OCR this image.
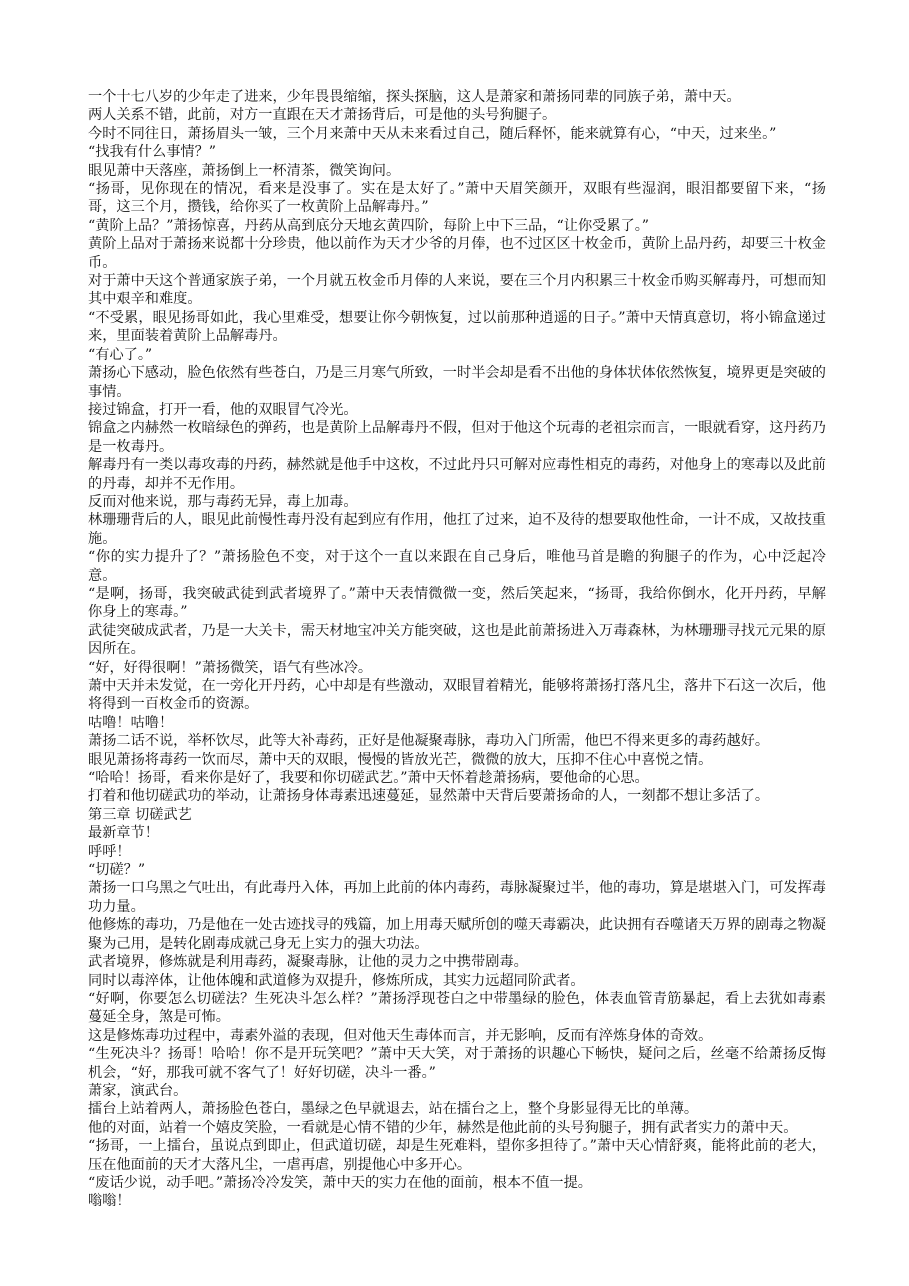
一个十七八岁的少年走了进来，少年畏畏缩缩，探头探脑，这人是萧家和萧扬同辈的同族子弟，萧中天。

两人关系不错，此前，对方一直跟在天才萧扬背后，可是他的头号狗腿子。

今时不同往日，萧扬眉头一皱，三个月来萧中天从未来看过自己，随后释怀，能来就算有心，“中天，过来坐。”

“找我有什么事情？”

眼见萧中天落座，萧扬倒上一杯清茶，微笑询问。

“扬哥，见你现在的情况，看来是没事了。实在是太好了。”萧中天眉笑颜开，双眼有些湿润，眼泪都要留下来，“扬哥，这三个月，攒钱，给你买了一枚黄阶上品解毒丹。”

“黄阶上品？”萧扬惊喜，丹药从高到底分天地玄黄四阶，每阶上中下三品，“让你受累了。”

黄阶上品对于萧扬来说都十分珍贵，他以前作为天才少爷的月俸，也不过区区十枚金币，黄阶上品丹药，却要三十枚金币。

对于萧中天这个普通家族子弟，一个月就五枚金币月俸的人来说，要在三个月内积累三十枚金币购买解毒丹，可想而知其中艰辛和难度。

“不受累，眼见扬哥如此，我心里难受，想要让你今朝恢复，过以前那种逍遥的日子。”萧中天情真意切，将小锦盒递过来，里面装着黄阶上品解毒丹。

“有心了。”

萧扬心下感动，脸色依然有些苍白，乃是三月寒气所致，一时半会却是看不出他的身体状体依然恢复，境界更是突破的事情。

接过锦盒，打开一看，他的双眼冒气冷光。

锦盒之内赫然一枚暗绿色的弹药，也是黄阶上品解毒丹不假，但对于他这个玩毒的老祖宗而言，一眼就看穿，这丹药乃是一枚毒丹。

解毒丹有一类以毒攻毒的丹药，赫然就是他手中这枚，不过此丹只可解对应毒性相克的毒药，对他身上的寒毒以及此前的丹毒，却并不无作用。

反而对他来说，那与毒药无异，毒上加毒。

林珊珊背后的人，眼见此前慢性毒丹没有起到应有作用，他扛了过来，迫不及待的想要取他性命，一计不成，又故技重施。

“你的实力提升了？”萧扬脸色不变，对于这个一直以来跟在自己身后，唯他马首是瞻的狗腿子的作为，心中泛起冷意。

“是啊，扬哥，我突破武徒到武者境界了。”萧中天表情微微一变，然后笑起来，“扬哥，我给你倒水，化开丹药，早解你身上的寒毒。”

武徒突破成武者，乃是一大关卡，需天材地宝冲关方能突破，这也是此前萧扬进入万毒森林，为林珊珊寻找元元果的原因所在。

“好，好得很啊！”萧扬微笑，语气有些冰冷。

萧中天并未发觉，在一旁化开丹药，心中却是有些激动，双眼冒着精光，能够将萧扬打落凡尘，落井下石这一次后，他将得到一百枚金币的资源。

咕噜！咕噜！

萧扬二话不说，举杯饮尽，此等大补毒药，正好是他凝聚毒脉，毒功入门所需，他巴不得来更多的毒药越好。

眼见萧扬将毒药一饮而尽，萧中天的双眼，慢慢的皆放光芒，微微的放大，压抑不住心中喜悦之情。

“哈哈！扬哥，看来你是好了，我要和你切磋武艺。”萧中天怀着趁萧扬病，要他命的心思。

打着和他切磋武功的举动，让萧扬身体毒素迅速蔓延，显然萧中天背后要萧扬命的人，一刻都不想让多活了。

第三章 切磋武艺

最新章节！

呼呼！

“切磋？”

萧扬一口乌黑之气吐出，有此毒丹入体，再加上此前的体内毒药，毒脉凝聚过半，他的毒功，算是堪堪入门，可发挥毒功力量。

他修炼的毒功，乃是他在一处古迹找寻的残篇，加上用毒天赋所创的噬天毒霸决，此诀拥有吞噬诸天万界的剧毒之物凝聚为己用，是转化剧毒成就己身无上实力的强大功法。

武者境界，修炼就是利用毒药，凝聚毒脉，让他的灵力之中携带剧毒。

同时以毒淬体，让他体魄和武道修为双提升，修炼所成，其实力远超同阶武者。

“好啊，你要怎么切磋法？生死决斗怎么样？”萧扬浮现苍白之中带墨绿的脸色，体表血管青筋暴起，看上去犹如毒素蔓延全身，煞是可怖。

这是修炼毒功过程中，毒素外溢的表现，但对他天生毒体而言，并无影响，反而有淬炼身体的奇效。

“生死决斗？扬哥！哈哈！你不是开玩笑吧？”萧中天大笑，对于萧扬的识趣心下畅快，疑问之后，丝毫不给萧扬反悔机会，“好，那我可就不客气了！好好切磋，决斗一番。”

萧家，演武台。

擂台上站着两人，萧扬脸色苍白，墨绿之色早就退去，站在擂台之上，整个身影显得无比的单薄。

他的对面，站着一个嬉皮笑脸，一看就是心情不错的少年，赫然是他此前的头号狗腿子，拥有武者实力的萧中天。

“扬哥，一上擂台，虽说点到即止，但武道切磋，却是生死难料，望你多担待了。”萧中天心情舒爽，能将此前的老大，压在他面前的天才大落凡尘，一虐再虐，别提他心中多开心。

“废话少说，动手吧。”萧扬冷冷发笑，萧中天的实力在他的面前，根本不值一提。

嗡嗡！
